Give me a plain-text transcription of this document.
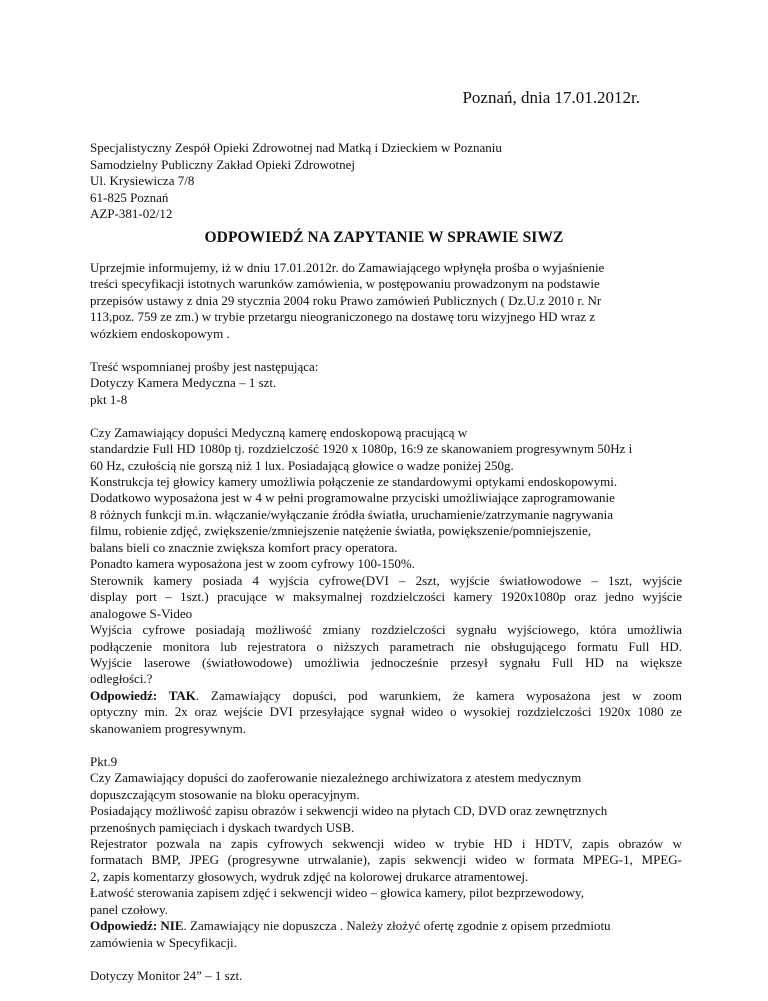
Poznań, dnia 17.01.2012r.
Specjalistyczny Zespół Opieki Zdrowotnej nad Matką i Dzieckiem w Poznaniu
Samodzielny Publiczny Zakład Opieki Zdrowotnej
Ul. Krysiewicza 7/8
61-825 Poznań
AZP-381-02/12
ODPOWIEDŹ NA ZAPYTANIE W SPRAWIE SIWZ
Uprzejmie informujemy, iż w dniu 17.01.2012r. do Zamawiającego wpłynęła prośba o wyjaśnienie
treści specyfikacji istotnych warunków zamówienia, w postępowaniu prowadzonym na podstawie
przepisów ustawy z dnia 29 stycznia 2004 roku Prawo zamówień Publicznych ( Dz.U.z 2010 r. Nr
113,poz. 759 ze zm.) w trybie przetargu nieograniczonego na dostawę toru wizyjnego HD wraz z
wózkiem endoskopowym .
Treść wspomnianej prośby jest następująca:
Dotyczy Kamera Medyczna – 1 szt.
pkt 1-8
Czy Zamawiający dopuści Medyczną kamerę endoskopową pracującą w
standardzie Full HD 1080p tj. rozdzielczość 1920 x 1080p, 16:9 ze skanowaniem progresywnym 50Hz i
60 Hz, czułością nie gorszą niż 1 lux. Posiadającą głowice o wadze poniżej 250g.
Konstrukcja tej głowicy kamery umożliwia połączenie ze standardowymi optykami endoskopowymi.
Dodatkowo wyposażona jest w 4 w pełni programowalne przyciski umożliwiające zaprogramowanie
8 różnych funkcji m.in. włączanie/wyłączanie źródła światła, uruchamienie/zatrzymanie nagrywania
filmu, robienie zdjęć, zwiększenie/zmniejszenie natężenie światła, powiększenie/pomniejszenie,
balans bieli co znacznie zwiększa komfort pracy operatora.
Ponadto kamera wyposażona jest w zoom cyfrowy 100-150%.
Sterownik kamery posiada 4 wyjścia cyfrowe(DVI – 2szt, wyjście światłowodowe – 1szt, wyjście
display port – 1szt.) pracujące w maksymalnej rozdzielczości kamery 1920x1080p oraz jedno wyjście
analogowe S-Video
Wyjścia cyfrowe posiadają możliwość zmiany rozdzielczości sygnału wyjściowego, która umożliwia
podłączenie monitora lub rejestratora o niższych parametrach nie obsługującego formatu Full HD.
Wyjście laserowe (światłowodowe) umożliwia jednocześnie przesył sygnału Full HD na większe
odległości.?
Odpowiedź: TAK. Zamawiający dopuści, pod warunkiem, że kamera wyposażona jest w zoom
optyczny min. 2x oraz wejście DVI przesyłające sygnał wideo o wysokiej rozdzielczości 1920x 1080 ze
skanowaniem progresywnym.
Pkt.9
Czy Zamawiający dopuści do zaoferowanie niezależnego archiwizatora z atestem medycznym
dopuszczającym stosowanie na bloku operacyjnym.
Posiadający możliwość zapisu obrazów i sekwencji wideo na płytach CD, DVD oraz zewnętrznych
przenośnych pamięciach i dyskach twardych USB.
Rejestrator pozwala na zapis cyfrowych sekwencji wideo w trybie HD i HDTV, zapis obrazów w
formatach BMP, JPEG (progresywne utrwalanie), zapis sekwencji wideo w formata MPEG-1, MPEG-
2, zapis komentarzy głosowych, wydruk zdjęć na kolorowej drukarce atramentowej.
Łatwość sterowania zapisem zdjęć i sekwencji wideo – głowica kamery, pilot bezprzewodowy,
panel czołowy.
Odpowiedź: NIE. Zamawiający nie dopuszcza . Należy złożyć ofertę zgodnie z opisem przedmiotu
zamówienia w Specyfikacji.
Dotyczy Monitor 24” – 1 szt.
